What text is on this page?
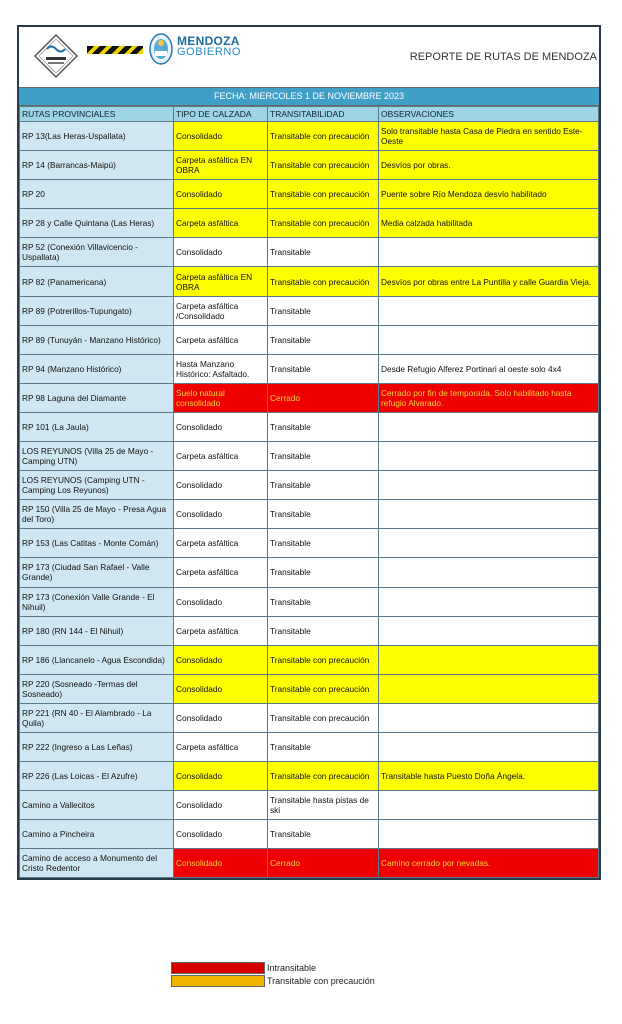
MENDOZA
GOBIERNO	REPORTE DE RUTAS DE MENDOZA
FECHA: MIERCOLES 1 DE NOVIEMBRE 2023
RUTAS PROVINCIALES	TIPO DE CALZADA	TRANSITABILIDAD	OBSERVACIONES
RP 13(Las Heras-Uspallata)	Consolidado	Transitable con precaución	Solo transitable hasta Casa de Piedra en sentido Este-Oeste
RP 14 (Barrancas-Maipú)	Carpeta asfáltica EN OBRA	Transitable con precaución	Desvíos por obras.
RP 20	Consolidado	Transitable con precaución	Puente sobre Río Mendoza desvío habilitado
RP 28 y Calle Quintana (Las Heras)	Carpeta asfáltica	Transitable con precaución	Media calzada habilitada
RP 52 (Conexión Villavicencio - Uspallata)	Consolidado	Transitable	
RP 82 (Panamericana)	Carpeta asfáltica EN OBRA	Transitable con precaución	Desvíos por obras entre La Puntilla y calle Guardia Vieja.
RP 89 (Potrerillos-Tupungato)	Carpeta asfáltica /Consolidado	Transitable	
RP 89 (Tunuyán - Manzano Histórico)	Carpeta asfáltica	Transitable	
RP 94 (Manzano Histórico)	Hasta Manzano Histórico: Asfaltado.	Transitable	Desde Refugio Alferez Portinari al oeste solo 4x4
RP 98 Laguna del Diamante	Suelo natural consolidado	Cerrado	Cerrado por fin de temporada. Solo habilitado hasta refugio Alvarado.
RP 101 (La Jaula)	Consolidado	Transitable	
LOS REYUNOS (Villa 25 de Mayo - Camping UTN)	Carpeta asfáltica	Transitable	
LOS REYUNOS (Camping UTN - Camping Los Reyunos)	Consolidado	Transitable	
RP 150 (Villa 25 de Mayo - Presa Agua del Toro)	Consolidado	Transitable	
RP 153 (Las Catitas - Monte Comán)	Carpeta asfáltica	Transitable	
RP 173 (Ciudad San Rafael - Valle Grande)	Carpeta asfáltica	Transitable	
RP 173 (Conexión Valle Grande - El Nihuil)	Consolidado	Transitable	
RP 180 (RN 144 - El Nihuil)	Carpeta asfáltica	Transitable	
RP 186 (Llancanelo - Agua Escondida)	Consolidado	Transitable con precaución	
RP 220 (Sosneado -Termas del Sosneado)	Consolidado	Transitable con precaución	
RP 221 (RN 40 - El Alambrado - La Quila)	Consolidado	Transitable con precaución	
RP 222 (Ingreso a Las Leñas)	Carpeta asfáltica	Transitable	
RP 226 (Las Loicas - El Azufre)	Consolidado	Transitable con precaución	Transitable hasta Puesto Doña Ángela.
Camino a Vallecitos	Consolidado	Transitable hasta pistas de ski	
Camino a Pincheira	Consolidado	Transitable	
Camino de acceso a Monumento del Cristo Redentor	Consolidado	Cerrado	Camino cerrado por nevadas.
Intransitable
Transitable con precaución
